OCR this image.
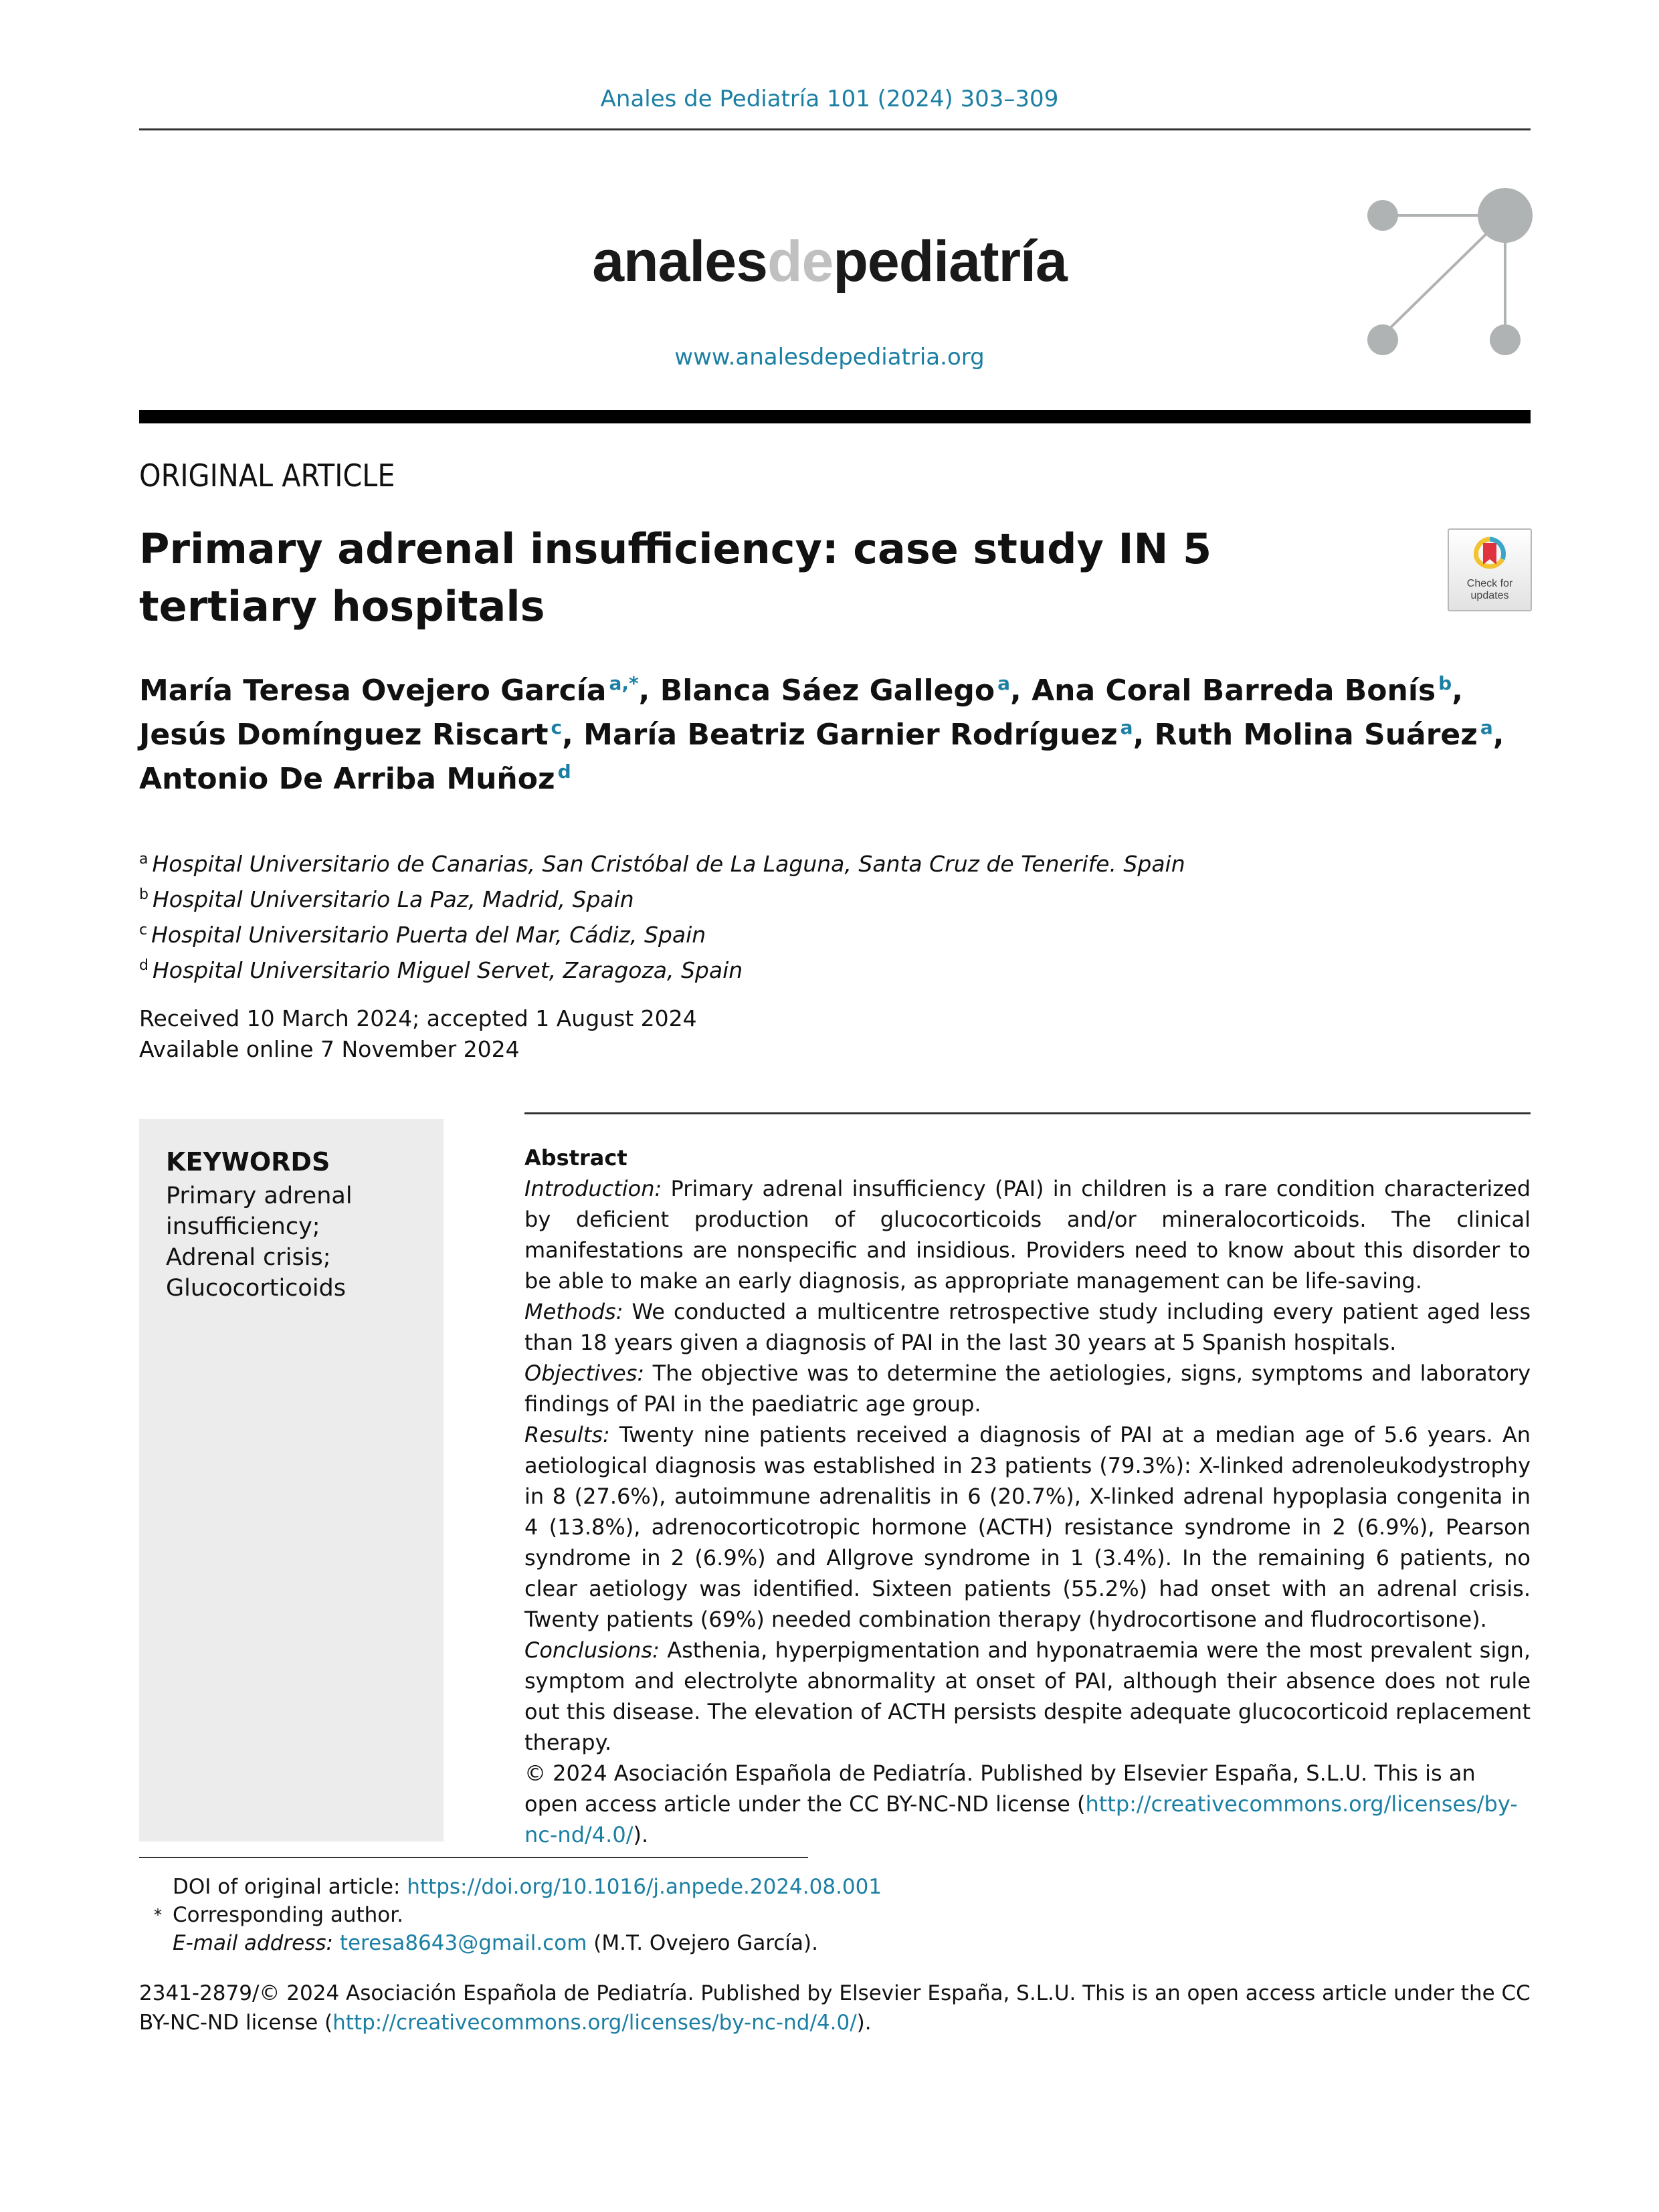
Anales de Pediatría 101 (2024) 303–309
analesdepediatría
www.analesdepediatria.org
ORIGINAL ARTICLE
Primary adrenal insufficiency: case study IN 5 tertiary hospitals	Check for
updates
María Teresa Ovejero García $^{a,*}$, Blanca Sáez Gallego $^a$, Ana Coral Barreda Bonís $^b$,
Jesús Domínguez Riscart $^c$, María Beatriz Garnier Rodríguez $^a$, Ruth Molina Suárez $^a$,
Antonio De Arriba Muñoz $^d$
$^a$ Hospital Universitario de Canarias, San Cristóbal de La Laguna, Santa Cruz de Tenerife. Spain
$^b$ Hospital Universitario La Paz, Madrid, Spain
$^c$ Hospital Universitario Puerta del Mar, Cádiz, Spain
$^d$ Hospital Universitario Miguel Servet, Zaragoza, Spain
Received 10 March 2024; accepted 1 August 2024
Available online 7 November 2024
KEYWORDS
Primary adrenal insufficiency;
Adrenal crisis;
Glucocorticoids
Abstract

Introduction: Primary adrenal insufficiency (PAI) in children is a rare condition characterized by deficient production of glucocorticoids and/or mineralocorticoids. The clinical manifestations are nonspecific and insidious. Providers need to know about this disorder to be able to make an early diagnosis, as appropriate management can be life-saving.

Methods: We conducted a multicentre retrospective study including every patient aged less than 18 years given a diagnosis of PAI in the last 30 years at 5 Spanish hospitals.

Objectives: The objective was to determine the aetiologies, signs, symptoms and laboratory findings of PAI in the paediatric age group.

Results: Twenty nine patients received a diagnosis of PAI at a median age of 5.6 years. An aetiological diagnosis was established in 23 patients (79.3%): X-linked adrenoleukodystrophy in 8 (27.6%), autoimmune adrenalitis in 6 (20.7%), X-linked adrenal hypoplasia congenita in 4 (13.8%), adrenocorticotropic hormone (ACTH) resistance syndrome in 2 (6.9%), Pearson syndrome in 2 (6.9%) and Allgrove syndrome in 1 (3.4%). In the remaining 6 patients, no clear aetiology was identified. Sixteen patients (55.2%) had onset with an adrenal crisis. Twenty patients (69%) needed combination therapy (hydrocortisone and fludrocortisone).

Conclusions: Asthenia, hyperpigmentation and hyponatraemia were the most prevalent sign, symptom and electrolyte abnormality at onset of PAI, although their absence does not rule out this disease. The elevation of ACTH persists despite adequate glucocorticoid replacement therapy.

© 2024 Asociación Española de Pediatría. Published by Elsevier España, S.L.U. This is an open access article under the CC BY-NC-ND license (http://creativecommons.org/licenses/by-nc-nd/4.0/).

DOI of original article: https://doi.org/10.1016/j.anpede.2024.08.001
* Corresponding author.
E-mail address: teresa8643@gmail.com (M.T. Ovejero García).
2341-2879/© 2024 Asociación Española de Pediatría. Published by Elsevier España, S.L.U. This is an open access article under the CC BY-NC-ND license (http://creativecommons.org/licenses/by-nc-nd/4.0/).
